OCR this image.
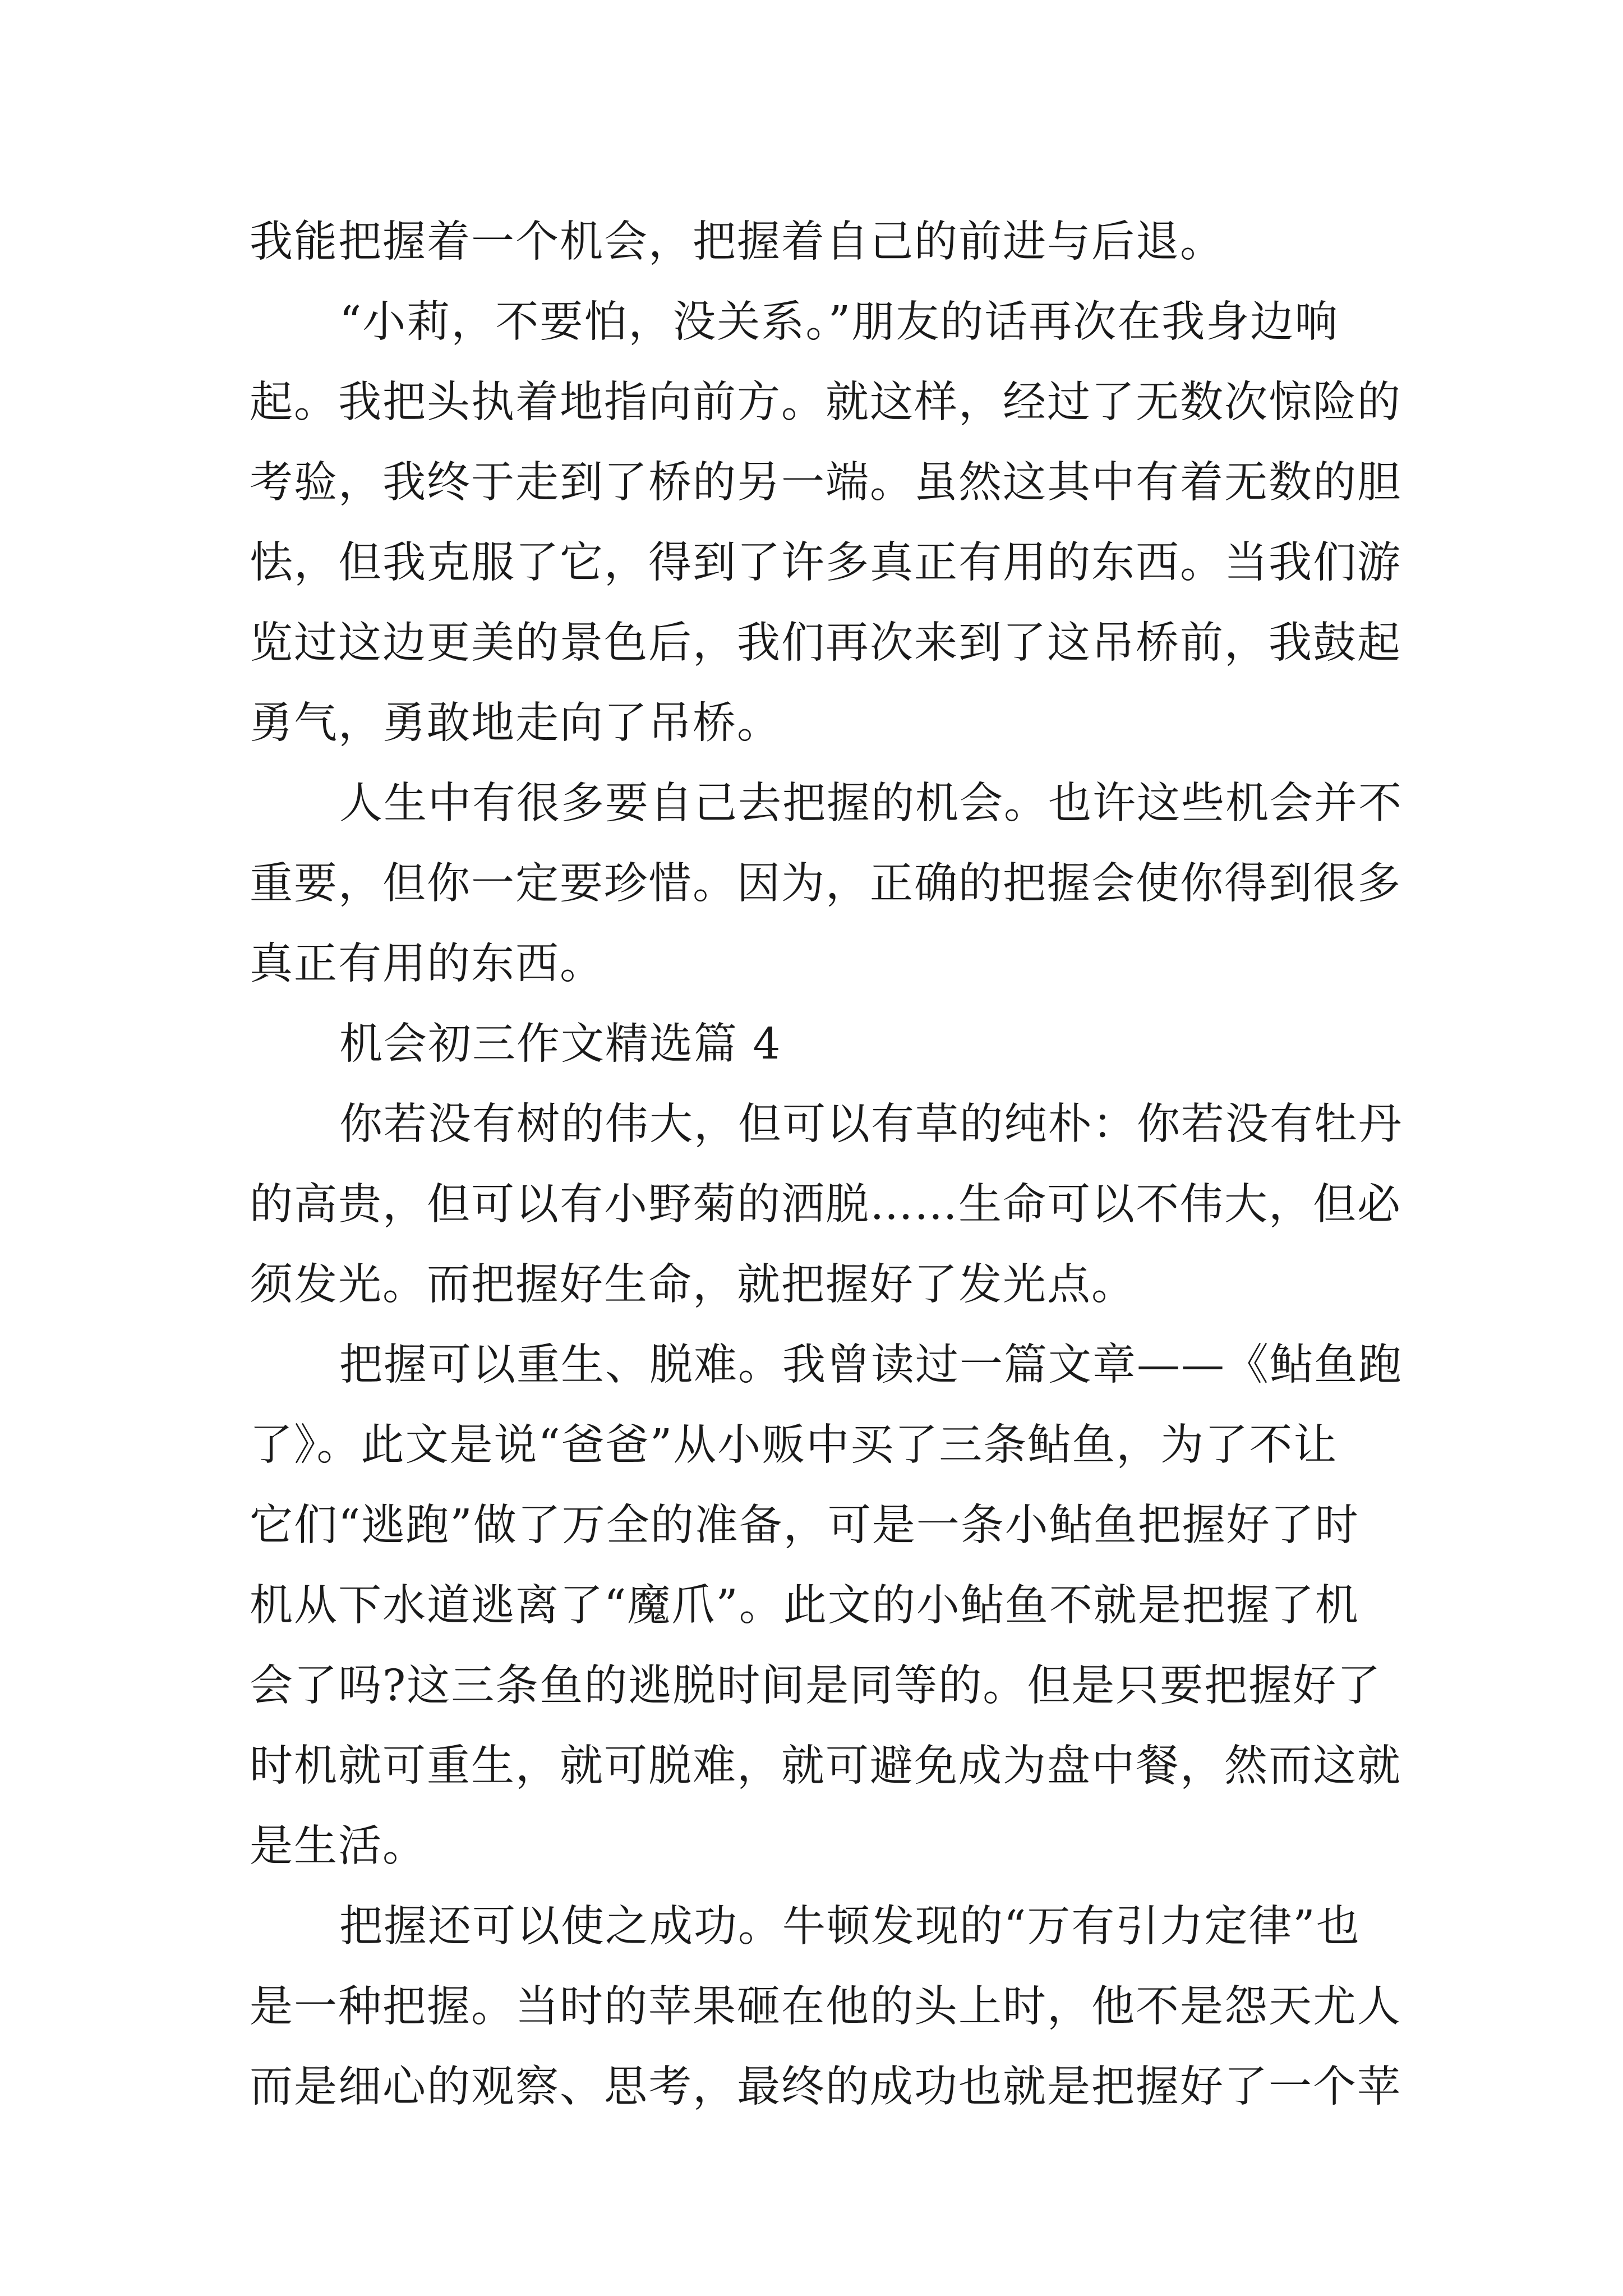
我能把握着一个机会，把握着自己的前进与后退。
“小莉，不要怕，没关系。”朋友的话再次在我身边响
起。我把头执着地指向前方。就这样，经过了无数次惊险的
考验，我终于走到了桥的另一端。虽然这其中有着无数的胆
怯，但我克服了它，得到了许多真正有用的东西。当我们游
览过这边更美的景色后，我们再次来到了这吊桥前，我鼓起
勇气，勇敢地走向了吊桥。
人生中有很多要自己去把握的机会。也许这些机会并不
重要，但你一定要珍惜。因为，正确的把握会使你得到很多
真正有用的东西。
机会初三作文精选篇 4
你若没有树的伟大，但可以有草的纯朴：你若没有牡丹
的高贵，但可以有小野菊的洒脱……生命可以不伟大，但必
须发光。而把握好生命，就把握好了发光点。
把握可以重生、脱难。我曾读过一篇文章——《鲇鱼跑
了》。此文是说“爸爸”从小贩中买了三条鲇鱼，为了不让
它们“逃跑”做了万全的准备，可是一条小鲇鱼把握好了时
机从下水道逃离了“魔爪”。此文的小鲇鱼不就是把握了机
会了吗?这三条鱼的逃脱时间是同等的。但是只要把握好了
时机就可重生，就可脱难，就可避免成为盘中餐，然而这就
是生活。
把握还可以使之成功。牛顿发现的“万有引力定律”也
是一种把握。当时的苹果砸在他的头上时，他不是怨天尤人
而是细心的观察、思考，最终的成功也就是把握好了一个苹
